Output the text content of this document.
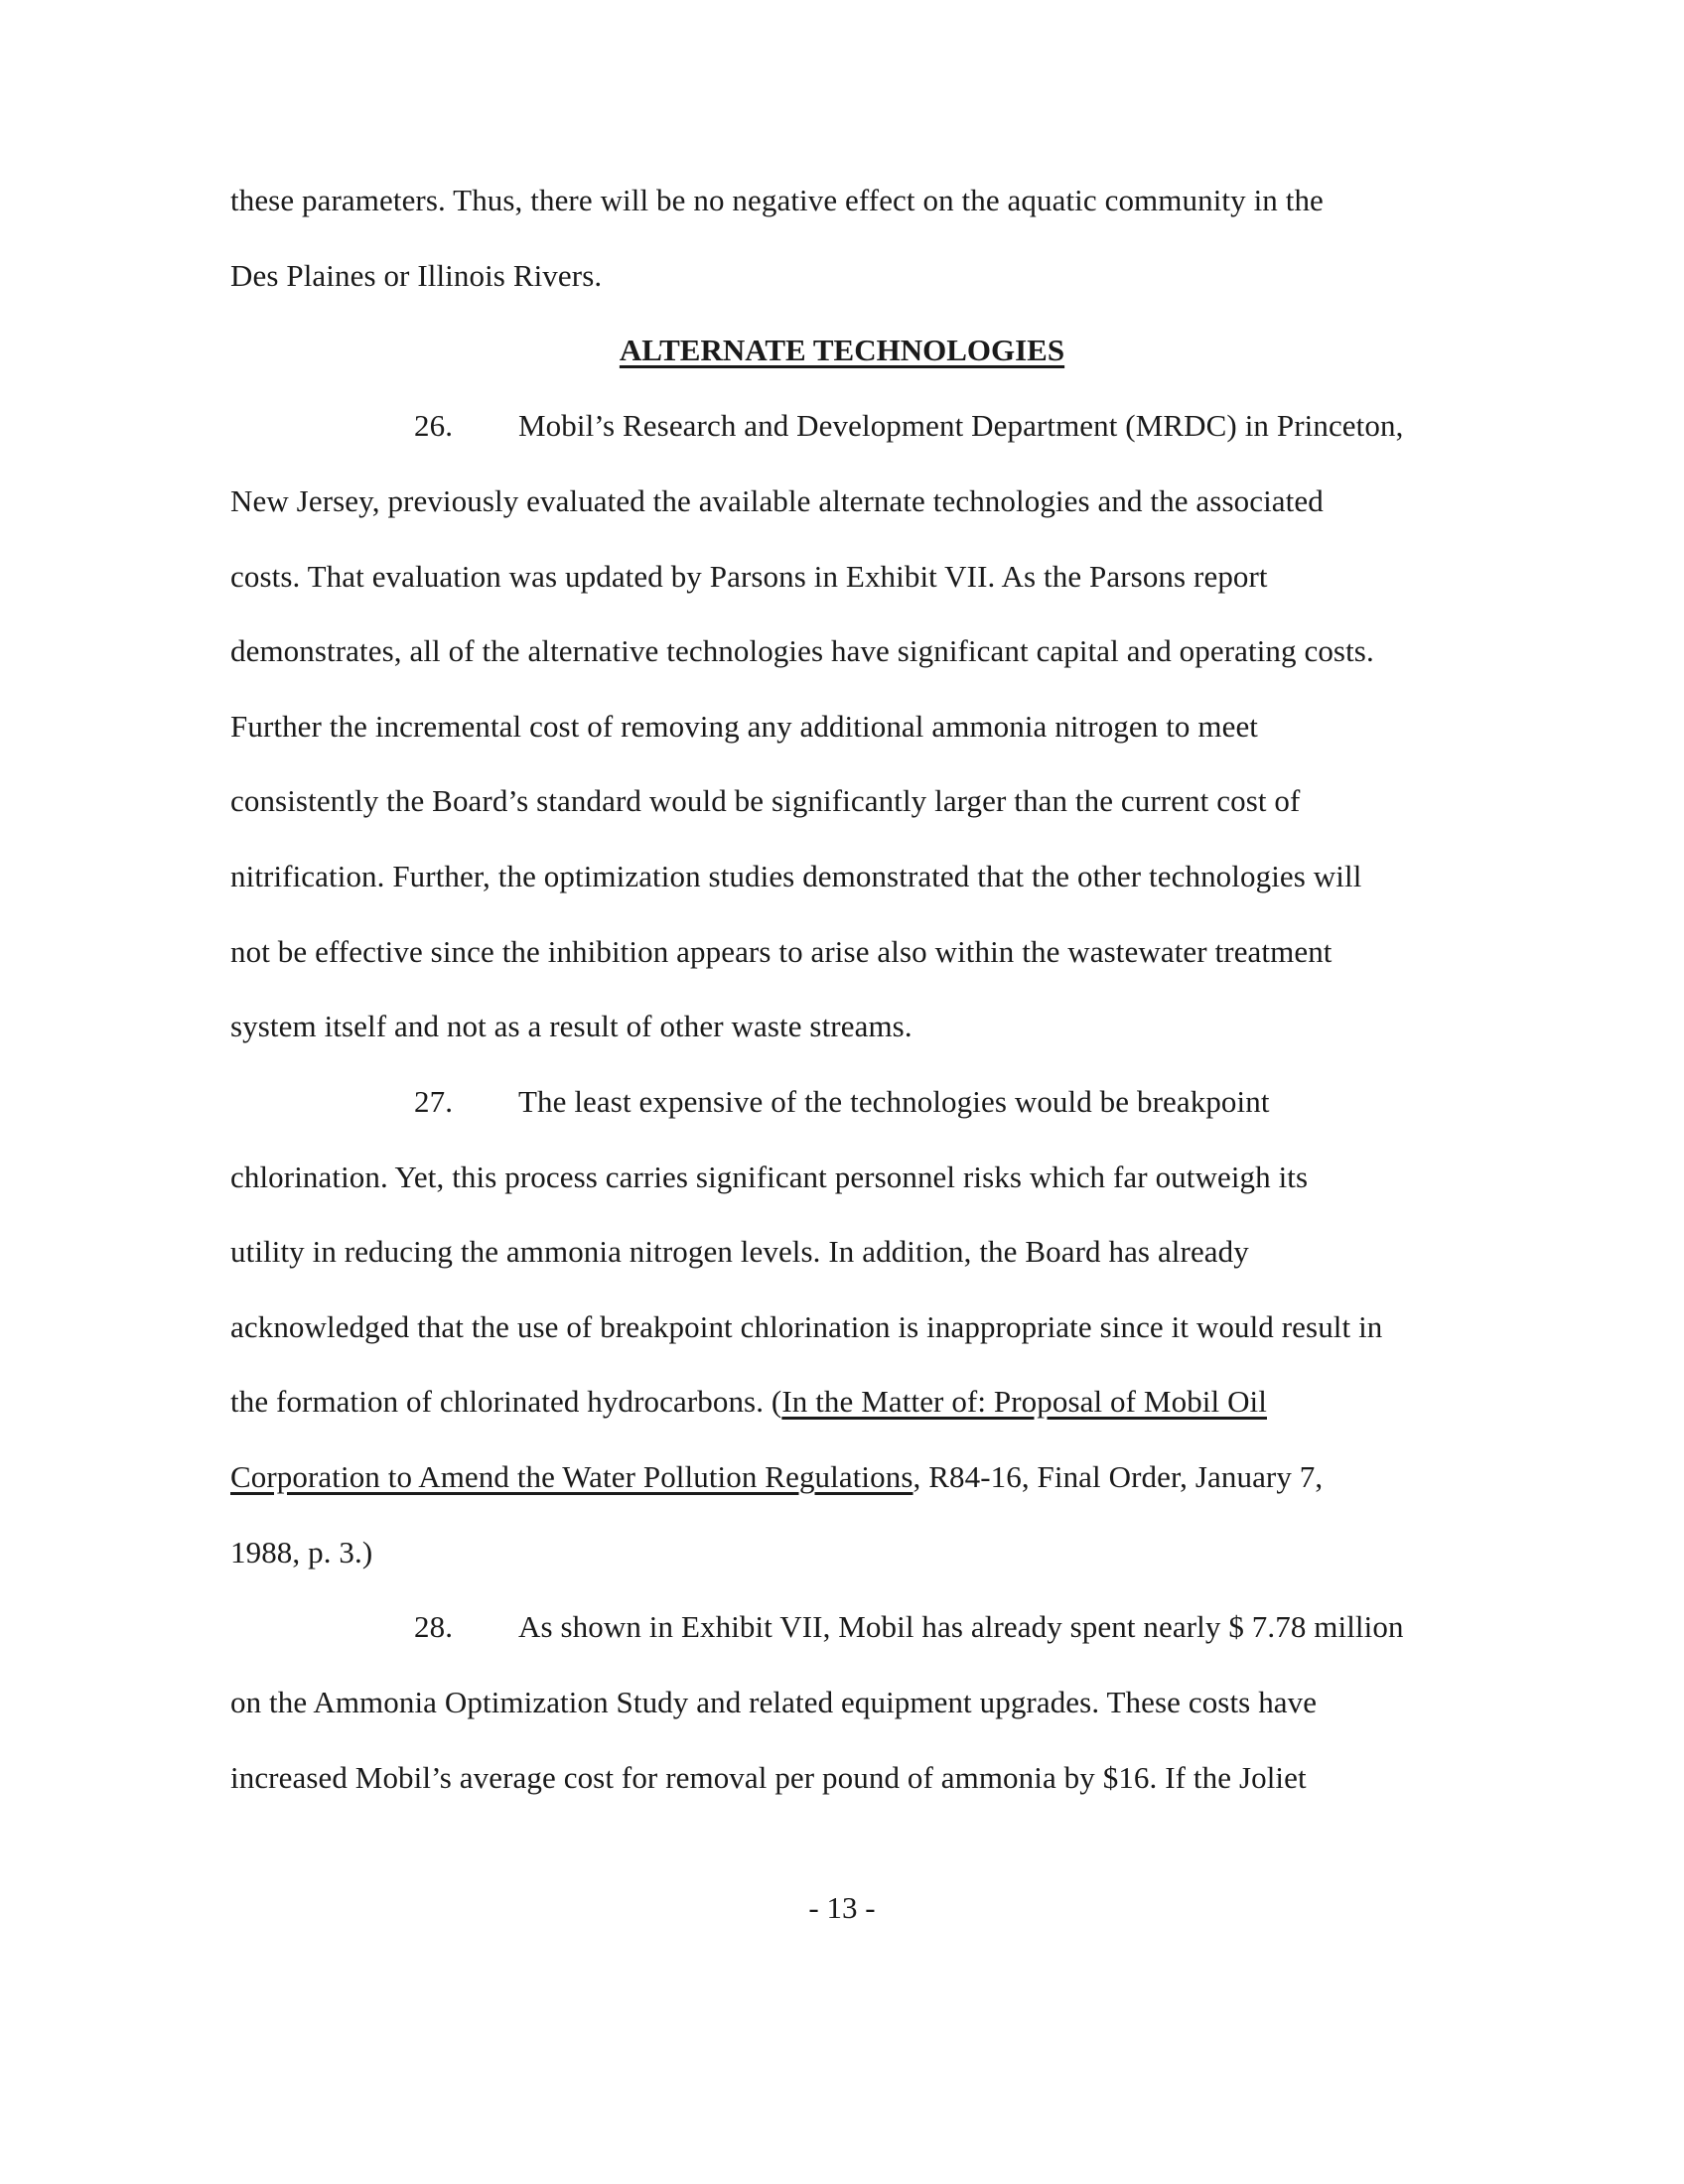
these parameters. Thus, there will be no negative effect on the aquatic community in the
Des Plaines or Illinois Rivers.
ALTERNATE TECHNOLOGIES
26. Mobil’s Research and Development Department (MRDC) in Princeton,
New Jersey, previously evaluated the available alternate technologies and the associated
costs. That evaluation was updated by Parsons in Exhibit VII. As the Parsons report
demonstrates, all of the alternative technologies have significant capital and operating costs.
Further the incremental cost of removing any additional ammonia nitrogen to meet
consistently the Board’s standard would be significantly larger than the current cost of
nitrification. Further, the optimization studies demonstrated that the other technologies will
not be effective since the inhibition appears to arise also within the wastewater treatment
system itself and not as a result of other waste streams.
27. The least expensive of the technologies would be breakpoint
chlorination. Yet, this process carries significant personnel risks which far outweigh its
utility in reducing the ammonia nitrogen levels. In addition, the Board has already
acknowledged that the use of breakpoint chlorination is inappropriate since it would result in
the formation of chlorinated hydrocarbons. (In the Matter of: Proposal of Mobil Oil
Corporation to Amend the Water Pollution Regulations, R84-16, Final Order, January 7,
1988, p. 3.)
28. As shown in Exhibit VII, Mobil has already spent nearly $ 7.78 million
on the Ammonia Optimization Study and related equipment upgrades. These costs have
increased Mobil’s average cost for removal per pound of ammonia by $16. If the Joliet
- 13 -
